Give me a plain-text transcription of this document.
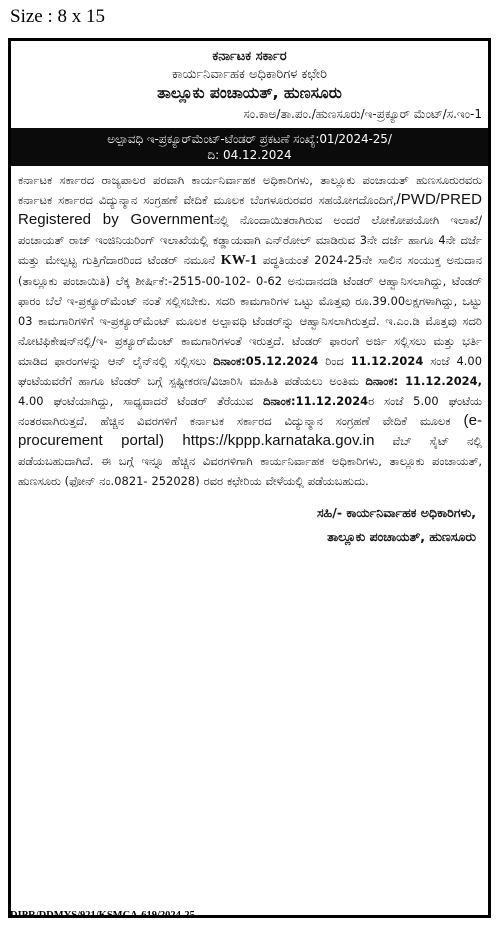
Size : 8 x 15
ಕರ್ನಾಟಕ ಸರ್ಕಾರ
ಕಾರ್ಯನಿರ್ವಾಹಕ ಅಧಿಕಾರಿಗಳ ಕಛೇರಿ
ತಾಲ್ಲೂಕು ಪಂಚಾಯತ್, ಹುಣಸೂರು
ಸಂ.ಕಾಅ/ತಾ.ಪಂ./ಹುಣಸೂರು/ಇ-ಪ್ರಕ್ಯೂರ್ ಮೆಂಟ್/ಸ.ಇಂ-1
ಅಲ್ಪಾವಧಿ ಇ-ಪ್ರಕ್ಯೂರ್‌ಮೆಂಟ್-ಟೆಂಡರ್ ಪ್ರಕಟಣೆ ಸಂಖ್ಯೆ:01/2024-25/
ದಿ: 04.12.2024
ಕರ್ನಾಟಕ ಸರ್ಕಾರದ ರಾಜ್ಯಪಾಲರ ಪರವಾಗಿ ಕಾರ್ಯನಿರ್ವಾಹಕ ಅಧಿಕಾರಿಗಳು, ತಾಲ್ಲೂಕು ಪಂಚಾಯತ್ ಹುಣಸೂರುರವರು ಕರ್ನಾಟಕ ಸರ್ಕಾರದ ವಿದ್ಯುನ್ಮಾನ ಸಂಗ್ರಹಣೆ ವೇದಿಕೆ ಮೂಲಕ ಬೆಂಗಳೂರುರವರ ಸಹಯೋಗದೊಂದಿಗೆ,/PWD/PRED Registered by Governmentನಲ್ಲಿ ನೊಂದಾಯಿತರಾಗಿರುವ ಅಂದರೆ ಲೋಕೋಪಯೋಗಿ ಇಲಾಖೆ/ಪಂಚಾಯತ್ ರಾಜ್ ಇಂಜಿನಿಯರಿಂಗ್ ಇಲಾಖೆಯಲ್ಲಿ ಕಡ್ಡಾಯವಾಗಿ ಎನ್‌ರೋಲ್ ಮಾಡಿರುವ 3ನೇ ದರ್ಜೆ ಹಾಗೂ 4ನೇ ದರ್ಜೆ ಮತ್ತು ಮೇಲ್ಪಟ್ಟ ಗುತ್ತಿಗೆದಾರರಿಂದ ಟೆಂಡರ್ ನಮೂನೆ KW-1 ಪದ್ಧತಿಯಂತೆ 2024-25ನೇ ಸಾಲಿನ ಸಂಯುಕ್ತ ಅನುದಾನ (ತಾಲ್ಲೂಕು ಪಂಚಾಯಿತಿ) ಲೆಕ್ಕ ಶೀರ್ಷಿಕೆ:-2515-00-102- 0-62 ಅನುದಾನದಡಿ ಟೆಂಡರ್ ಆಹ್ವಾನಿಸಲಾಗಿದ್ದು, ಟೆಂಡರ್ ಫಾರಂ ಬೆಲೆ ಇ-ಪ್ರಕ್ಯೂರ್‌ಮೆಂಟ್ ನಂತೆ ಸಲ್ಲಿಸಬೇಕು. ಸದರಿ ಕಾಮಗಾರಿಗಳ ಒಟ್ಟು ಮೊತ್ತವು ರೂ.39.00ಲಕ್ಷಗಳಾಗಿದ್ದು, ಒಟ್ಟು 03 ಕಾಮಗಾರಿಗಳಿಗೆ ಇ-ಪ್ರಕ್ಯೂರ್‌ಮೆಂಟ್ ಮೂಲಕ ಅಲ್ಪಾವಧಿ ಟೆಂಡರ್‌ನ್ನು ಆಹ್ವಾನಿಸಲಾಗಿರುತ್ತದೆ. ಇ.ಎಂ.ಡಿ ಮೊತ್ತವು ಸದರಿ ನೋಟಿಫಿಕೇಷನ್‌ನಲ್ಲಿ/ಇ- ಪ್ರಕ್ಯೂರ್‌ಮೆಂಟ್ ಕಾಮಗಾರಿಗಳಂತೆ ಇರುತ್ತದೆ. ಟೆಂಡರ್ ಫಾರಂಗೆ ಅರ್ಜಿ ಸಲ್ಲಿಸಲು ಮತ್ತು ಭರ್ತಿ ಮಾಡಿದ ಫಾರಂಗಳನ್ನು ಆನ್ ಲೈನ್‌ನಲ್ಲಿ ಸಲ್ಲಿಸಲು ದಿನಾಂಕ:05.12.2024 ರಿಂದ 11.12.2024 ಸಂಜೆ 4.00 ಘಂಟೆಯವರೆಗೆ ಹಾಗೂ ಟೆಂಡರ್ ಬಗ್ಗೆ ಸ್ಪಷ್ಟೀಕರಣ/ವಿಚಾರಿಸಿ ಮಾಹಿತಿ ಪಡೆಯಲು ಅಂತಿಮ ದಿನಾಂಕ: 11.12.2024, 4.00 ಘಂಟೆಯಾಗಿದ್ದು, ಸಾಧ್ಯವಾದರೆ ಟೆಂಡರ್ ತೆರೆಯುವ ದಿನಾಂಕ:11.12.2024ರ ಸಂಜೆ 5.00 ಘಂಟೆಯ ನಂತರವಾಗಿರುತ್ತದೆ. ಹೆಚ್ಚಿನ ವಿವರಗಳಿಗೆ ಕರ್ನಾಟಕ ಸರ್ಕಾರದ ವಿದ್ಯುನ್ಮಾನ ಸಂಗ್ರಹಣೆ ವೇದಿಕೆ ಮೂಲಕ (e-procurement portal) https://kppp.karnataka.gov.in ವೆಬ್ ಸೈಟ್ ನಲ್ಲಿ ಪಡೆಯಬಹುದಾಗಿದೆ. ಈ ಬಗ್ಗೆ ಇನ್ನೂ ಹೆಚ್ಚಿನ ವಿವರಗಳಿಗಾಗಿ ಕಾರ್ಯನಿರ್ವಾಹಕ ಅಧಿಕಾರಿಗಳು, ತಾಲ್ಲೂಕು ಪಂಚಾಯತ್, ಹುಣಸೂರು (ಫೋನ್ ನಂ.0821- 252028) ರವರ ಕಛೇರಿಯ ವೇಳೆಯಲ್ಲಿ ಪಡೆಯಬಹುದು.
ಸಹಿ/- ಕಾರ್ಯನಿರ್ವಾಹಕ ಅಧಿಕಾರಿಗಳು,
ತಾಲ್ಲೂಕು ಪಂಚಾಯತ್, ಹುಣಸೂರು
DIPR/DDMYS/921/KSMCA-619/2024-25
